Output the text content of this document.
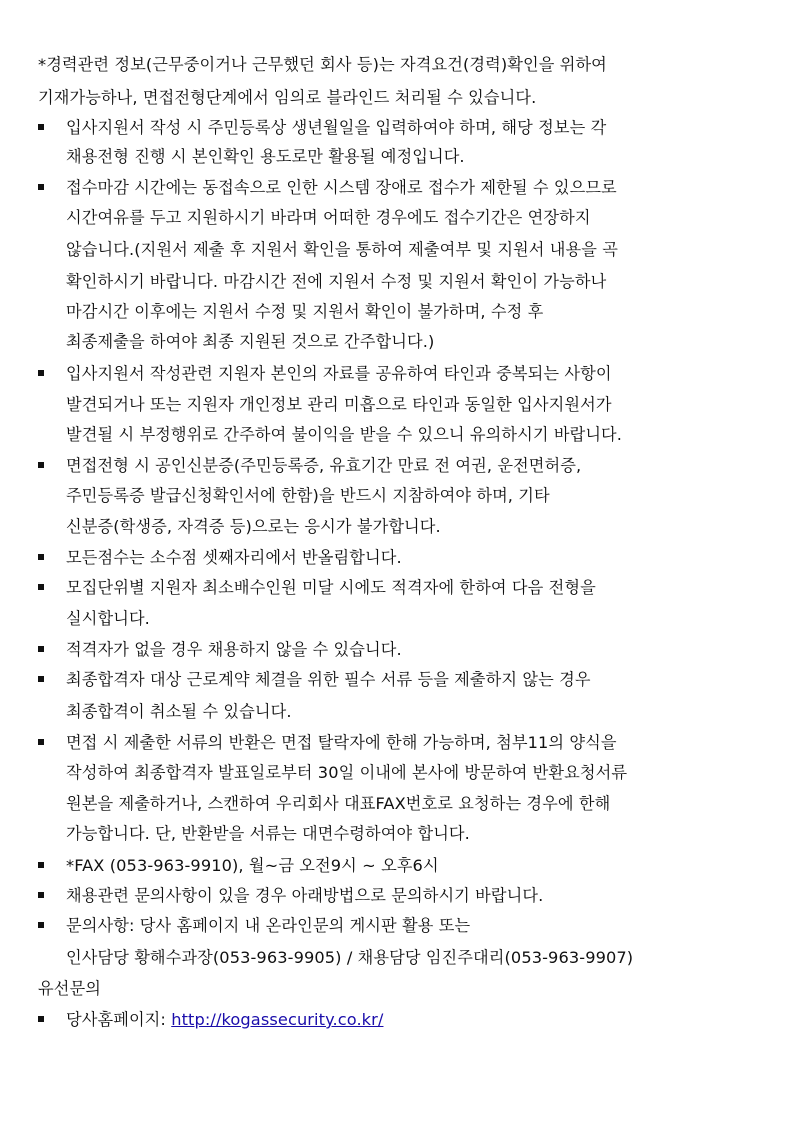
*경력관련 정보(근무중이거나 근무했던 회사 등)는 자격요건(경력)확인을 위하여
기재가능하나, 면접전형단계에서 임의로 블라인드 처리될 수 있습니다.
입사지원서 작성 시 주민등록상 생년월일을 입력하여야 하며, 해당 정보는 각
채용전형 진행 시 본인확인 용도로만 활용될 예정입니다.
접수마감 시간에는 동접속으로 인한 시스템 장애로 접수가 제한될 수 있으므로
시간여유를 두고 지원하시기 바라며 어떠한 경우에도 접수기간은 연장하지
않습니다.(지원서 제출 후 지원서 확인을 통하여 제출여부 및 지원서 내용을 곡
확인하시기 바랍니다. 마감시간 전에 지원서 수정 및 지원서 확인이 가능하나
마감시간 이후에는 지원서 수정 및 지원서 확인이 불가하며, 수정 후
최종제출을 하여야 최종 지원된 것으로 간주합니다.)
입사지원서 작성관련 지원자 본인의 자료를 공유하여 타인과 중복되는 사항이
발견되거나 또는 지원자 개인정보 관리 미흡으로 타인과 동일한 입사지원서가
발견될 시 부정행위로 간주하여 불이익을 받을 수 있으니 유의하시기 바랍니다.
면접전형 시 공인신분증(주민등록증, 유효기간 만료 전 여권, 운전면허증,
주민등록증 발급신청확인서에 한함)을 반드시 지참하여야 하며, 기타
신분증(학생증, 자격증 등)으로는 응시가 불가합니다.
모든점수는 소수점 셋째자리에서 반올림합니다.
모집단위별 지원자 최소배수인원 미달 시에도 적격자에 한하여 다음 전형을
실시합니다.
적격자가 없을 경우 채용하지 않을 수 있습니다.
최종합격자 대상 근로계약 체결을 위한 필수 서류 등을 제출하지 않는 경우
최종합격이 취소될 수 있습니다.
면접 시 제출한 서류의 반환은 면접 탈락자에 한해 가능하며, 첨부11의 양식을
작성하여 최종합격자 발표일로부터 30일 이내에 본사에 방문하여 반환요청서류
원본을 제출하거나, 스캔하여 우리회사 대표FAX번호로 요청하는 경우에 한해
가능합니다. 단, 반환받을 서류는 대면수령하여야 합니다.
*FAX (053-963-9910), 월~금 오전9시 ~ 오후6시
채용관련 문의사항이 있을 경우 아래방법으로 문의하시기 바랍니다.
문의사항: 당사 홈페이지 내 온라인문의 게시판 활용 또는
인사담당 황해수과장(053-963-9905) / 채용담당 임진주대리(053-963-9907)
유선문의
당사홈페이지: http://kogassecurity.co.kr/
